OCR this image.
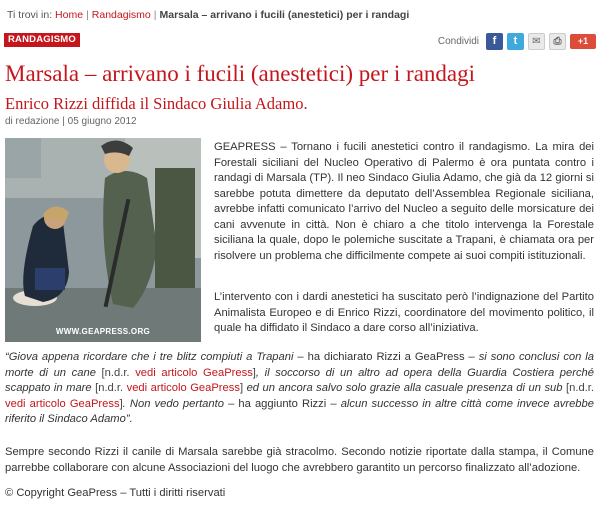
Ti trovi in: Home | Randagismo | Marsala – arrivano i fucili (anestetici) per i randagi
RANDAGISMO	Condividi	f	t	✉	⎙	+1
Marsala – arrivano i fucili (anestetici) per i randagi
Enrico Rizzi diffida il Sindaco Giulia Adamo.
di redazione | 05 giugno 2012
WWW.GEAPRESS.ORG

GEAPRESS – Tornano i fucili anestetici contro il randagismo. La mira dei Forestali siciliani del Nucleo Operativo di Palermo è ora puntata contro i randagi di Marsala (TP). Il neo Sindaco Giulia Adamo, che già da 12 giorni si sarebbe potuta dimettere da deputato dell’Assemblea Regionale siciliana, avrebbe infatti comunicato l’arrivo del Nucleo a seguito delle morsicature dei cani avvenute in città. Non è chiaro a che titolo intervenga la Forestale siciliana la quale, dopo le polemiche suscitate a Trapani, è chiamata ora per risolvere un problema che difficilmente compete ai suoi compiti istituzionali.

L’intervento con i dardi anestetici ha suscitato però l’indignazione del Partito Animalista Europeo e di Enrico Rizzi, coordinatore del movimento politico, il quale ha diffidato il Sindaco a dare corso all’iniziativa.

“Giova appena ricordare che i tre blitz compiuti a Trapani – ha dichiarato Rizzi a GeaPress – si sono conclusi con la morte di un cane [n.d.r. vedi articolo GeaPress], il soccorso di un altro ad opera della Guardia Costiera perché scappato in mare [n.d.r. vedi articolo GeaPress] ed un ancora salvo solo grazie alla casuale presenza di un sub [n.d.r. vedi articolo GeaPress]. Non vedo pertanto – ha aggiunto Rizzi – alcun successo in altre città come invece avrebbe riferito il Sindaco Adamo”.

Sempre secondo Rizzi il canile di Marsala sarebbe già stracolmo. Secondo notizie riportate dalla stampa, il Comune parrebbe collaborare con alcune Associazioni del luogo che avrebbero garantito un percorso finalizzato all’adozione.

© Copyright GeaPress – Tutti i diritti riservati
